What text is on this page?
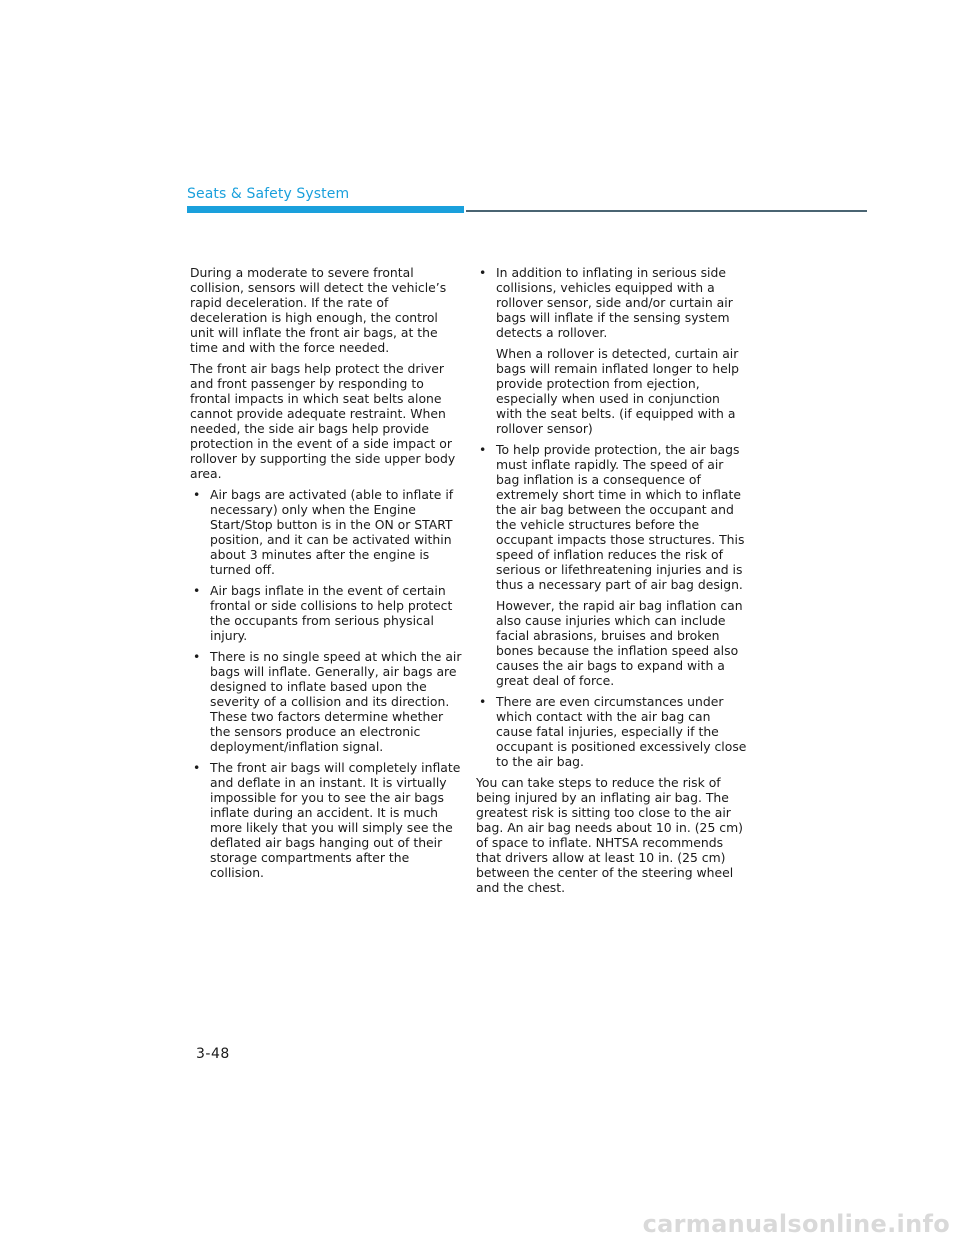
Seats & Safety System

During a moderate to severe frontal collision, sensors will detect the vehicle’s rapid deceleration. If the rate of deceleration is high enough, the control unit will inflate the front air bags, at the time and with the force needed.

The front air bags help protect the driver and front passenger by responding to frontal impacts in which seat belts alone cannot provide adequate restraint. When needed, the side air bags help provide protection in the event of a side impact or rollover by supporting the side upper body area.

• Air bags are activated (able to inflate if necessary) only when the Engine Start/Stop button is in the ON or START position, and it can be activated within about 3 minutes after the engine is turned off.
• Air bags inflate in the event of certain frontal or side collisions to help protect the occupants from serious physical injury.
• There is no single speed at which the air bags will inflate. Generally, air bags are designed to inflate based upon the severity of a collision and its direction. These two factors determine whether the sensors produce an electronic deployment/inflation signal.
• The front air bags will completely inflate and deflate in an instant. It is virtually impossible for you to see the air bags inflate during an accident. It is much more likely that you will simply see the deflated air bags hanging out of their storage compartments after the collision.
• In addition to inflating in serious side collisions, vehicles equipped with a rollover sensor, side and/or curtain air bags will inflate if the sensing system detects a rollover.

When a rollover is detected, curtain air bags will remain inflated longer to help provide protection from ejection, especially when used in conjunction with the seat belts. (if equipped with a rollover sensor)

• To help provide protection, the air bags must inflate rapidly. The speed of air bag inflation is a consequence of extremely short time in which to inflate the air bag between the occupant and the vehicle structures before the occupant impacts those structures. This speed of inflation reduces the risk of serious or lifethreatening injuries and is thus a necessary part of air bag design.

However, the rapid air bag inflation can also cause injuries which can include facial abrasions, bruises and broken bones because the inflation speed also causes the air bags to expand with a great deal of force.

• There are even circumstances under which contact with the air bag can cause fatal injuries, especially if the occupant is positioned excessively close to the air bag.

You can take steps to reduce the risk of being injured by an inflating air bag. The greatest risk is sitting too close to the air bag. An air bag needs about 10 in. (25 cm) of space to inflate. NHTSA recommends that drivers allow at least 10 in. (25 cm) between the center of the steering wheel and the chest.

3-48
carmanualsonline.info
